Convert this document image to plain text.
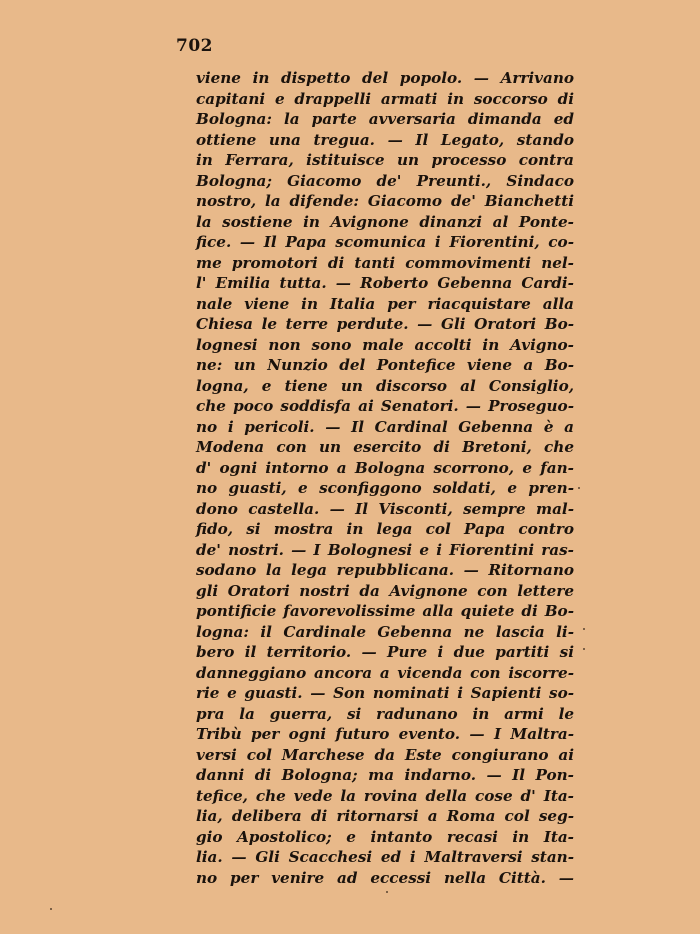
702
viene in dispetto del popolo. — Arrivano
capitani e drappelli armati in soccorso di
Bologna: la parte avversaria dimanda ed
ottiene una tregua. — Il Legato, stando
in Ferrara, istituisce un processo contra
Bologna; Giacomo de' Preunti., Sindaco
nostro, la difende: Giacomo de' Bianchetti
la sostiene in Avignone dinanzi al Ponte-
fice. — Il Papa scomunica i Fiorentini, co-
me promotori di tanti commovimenti nel-
l' Emilia tutta. — Roberto Gebenna Cardi-
nale viene in Italia per riacquistare alla
Chiesa le terre perdute. — Gli Oratori Bo-
lognesi non sono male accolti in Avigno-
ne: un Nunzio del Pontefice viene a Bo-
logna, e tiene un discorso al Consiglio,
che poco soddisfa ai Senatori. — Proseguo-
no i pericoli. — Il Cardinal Gebenna è a
Modena con un esercito di Bretoni, che
d' ogni intorno a Bologna scorrono, e fan-
no guasti, e sconfiggono soldati, e pren-
dono castella. — Il Visconti, sempre mal-
fido, si mostra in lega col Papa contro
de' nostri. — I Bolognesi e i Fiorentini ras-
sodano la lega repubblicana. — Ritornano
gli Oratori nostri da Avignone con lettere
pontificie favorevolissime alla quiete di Bo-
logna: il Cardinale Gebenna ne lascia li-
bero il territorio. — Pure i due partiti si
danneggiano ancora a vicenda con iscorre-
rie e guasti. — Son nominati i Sapienti so-
pra la guerra, si radunano in armi le
Tribù per ogni futuro evento. — I Maltra-
versi col Marchese da Este congiurano ai
danni di Bologna; ma indarno. — Il Pon-
tefice, che vede la rovina della cose d' Ita-
lia, delibera di ritornarsi a Roma col seg-
gio Apostolico; e intanto recasi in Ita-
lia. — Gli Scacchesi ed i Maltraversi stan-
no per venire ad eccessi nella Città. —
